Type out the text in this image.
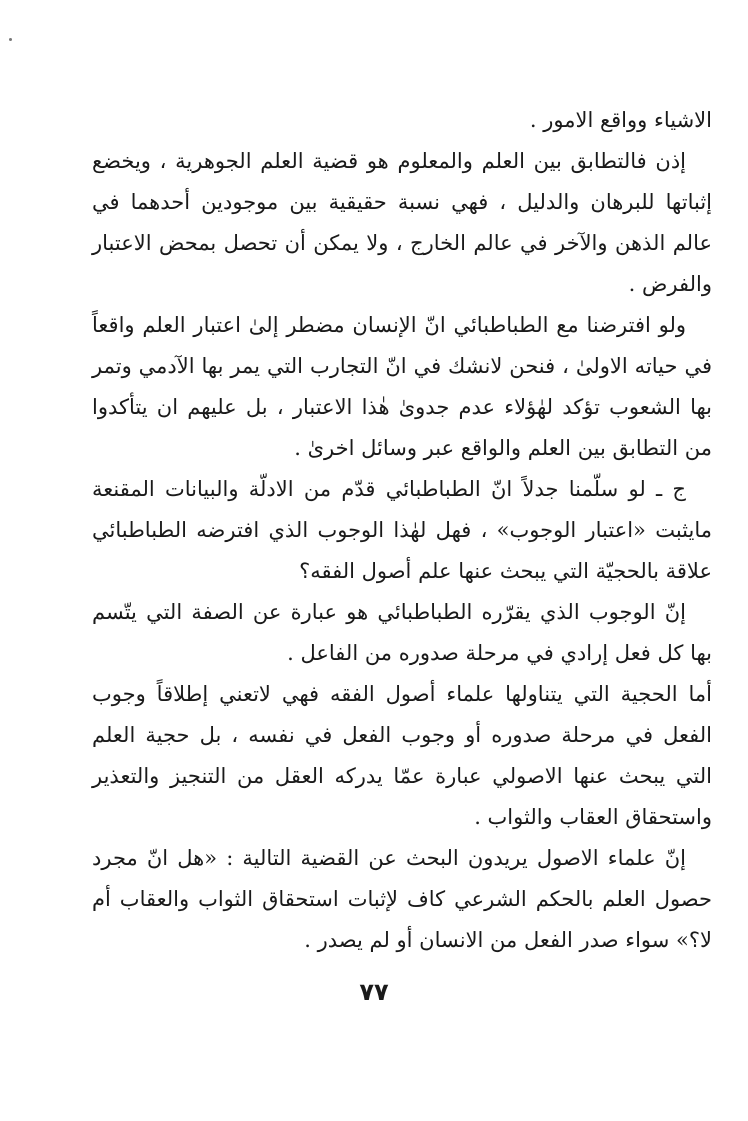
الاشياء وواقع الامور .

إذن فالتطابق بين العلم والمعلوم هو قضية العلم الجوهرية ، ويخضع إثباتها للبرهان والدليل ، فهي نسبة حقيقية بين موجودين أحدهما في عالم الذهن والآخر في عالم الخارج ، ولا يمكن أن تحصل بمحض الاعتبار والفرض .

ولو افترضنا مع الطباطبائي انّ الإنسان مضطر إلىٰ اعتبار العلم واقعاً في حياته الاولىٰ ، فنحن لانشك في انّ التجارب التي يمر بها الآدمي وتمر بها الشعوب تؤكد لهٰؤلاء عدم جدوىٰ هٰذا الاعتبار ، بل عليهم ان يتأكدوا من التطابق بين العلم والواقع عبر وسائل اخرىٰ .

ج ـ لو سلّمنا جدلاً انّ الطباطبائي قدّم من الادلّة والبيانات المقنعة مايثبت «اعتبار الوجوب» ، فهل لهٰذا الوجوب الذي افترضه الطباطبائي علاقة بالحجيّة التي يبحث عنها علم أصول الفقه؟

إنّ الوجوب الذي يقرّره الطباطبائي هو عبارة عن الصفة التي يتّسم بها كل فعل إرادي في مرحلة صدوره من الفاعل .

أما الحجية التي يتناولها علماء أصول الفقه فهي لاتعني إطلاقاً وجوب الفعل في مرحلة صدوره أو وجوب الفعل في نفسه ، بل حجية العلم التي يبحث عنها الاصولي عبارة عمّا يدركه العقل من التنجيز والتعذير واستحقاق العقاب والثواب .

إنّ علماء الاصول يريدون البحث عن القضية التالية : «هل انّ مجرد حصول العلم بالحكم الشرعي كاف لإثبات استحقاق الثواب والعقاب أم لا؟» سواء صدر الفعل من الانسان أو لم يصدر .

٧٧
